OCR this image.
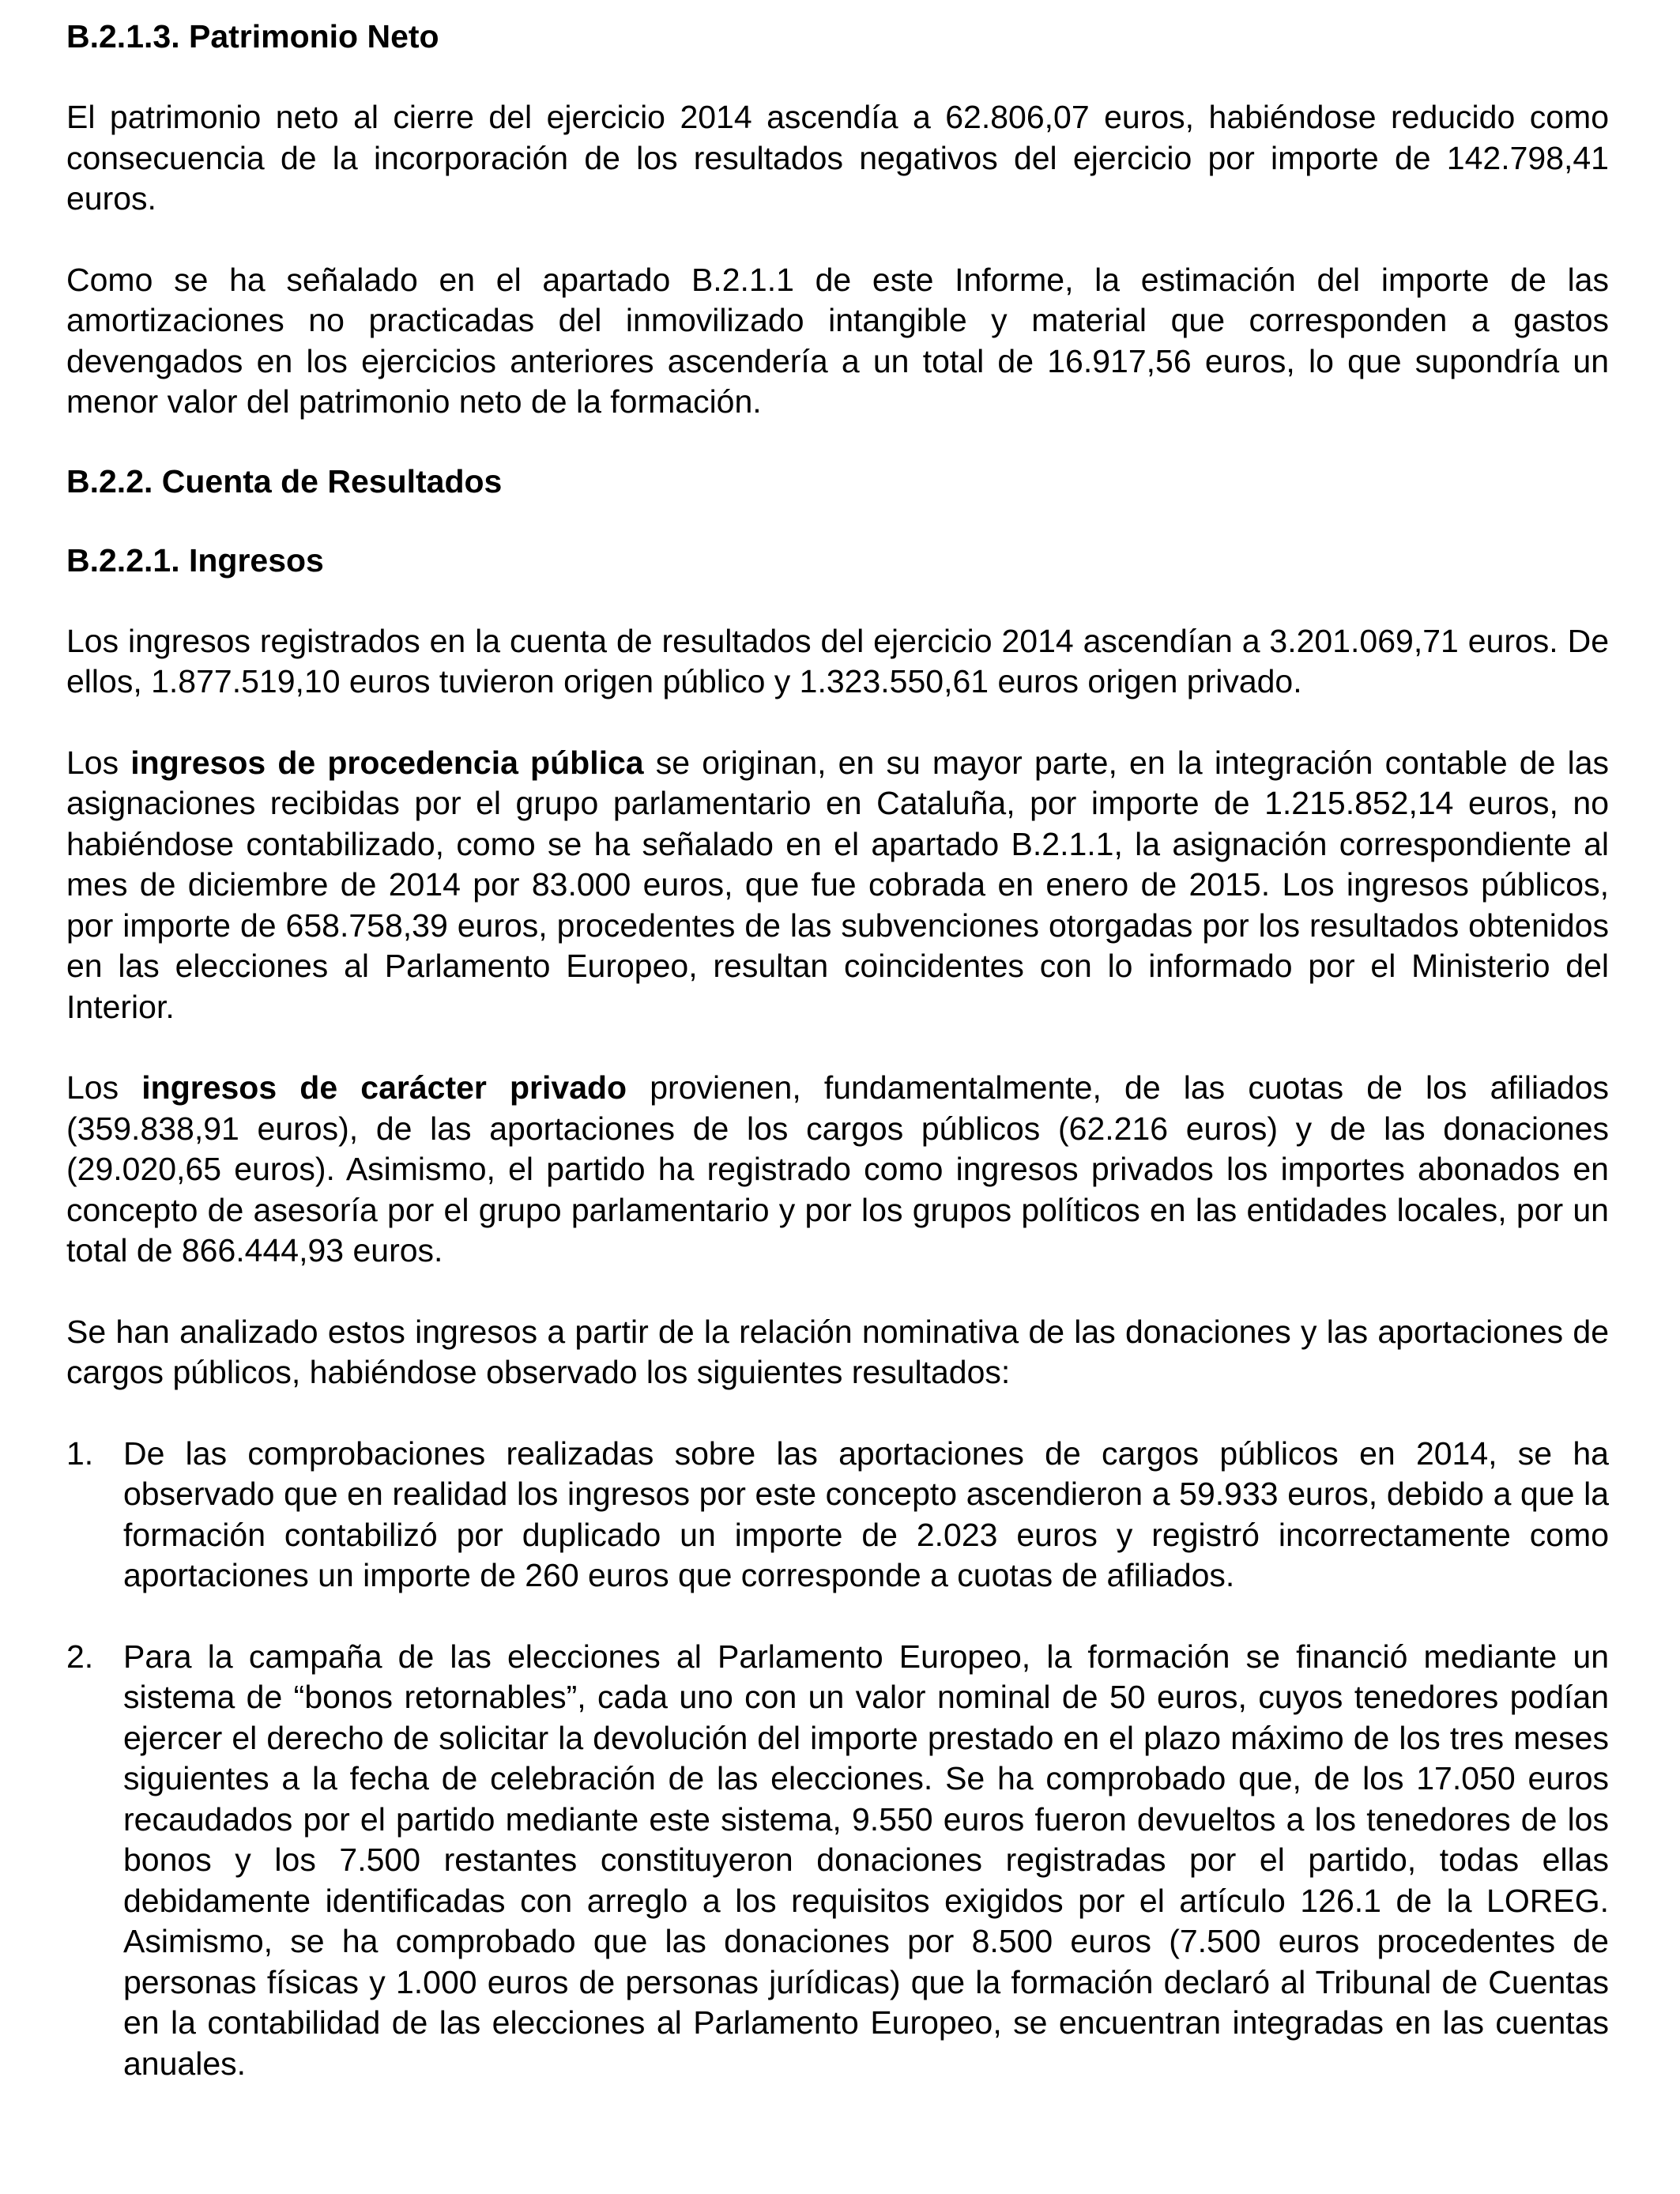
B.2.1.3. Patrimonio Neto

El patrimonio neto al cierre del ejercicio 2014 ascendía a 62.806,07 euros, habiéndose reducido como consecuencia de la incorporación de los resultados negativos del ejercicio por importe de 142.798,41 euros.

Como se ha señalado en el apartado B.2.1.1 de este Informe, la estimación del importe de las amortizaciones no practicadas del inmovilizado intangible y material que corresponden a gastos devengados en los ejercicios anteriores ascendería a un total de 16.917,56 euros, lo que supondría un menor valor del patrimonio neto de la formación.

B.2.2. Cuenta de Resultados

B.2.2.1. Ingresos

Los ingresos registrados en la cuenta de resultados del ejercicio 2014 ascendían a 3.201.069,71 euros. De ellos, 1.877.519,10 euros tuvieron origen público y 1.323.550,61 euros origen privado.

Los ingresos de procedencia pública se originan, en su mayor parte, en la integración contable de las asignaciones recibidas por el grupo parlamentario en Cataluña, por importe de 1.215.852,14 euros, no habiéndose contabilizado, como se ha señalado en el apartado B.2.1.1, la asignación correspondiente al mes de diciembre de 2014 por 83.000 euros, que fue cobrada en enero de 2015. Los ingresos públicos, por importe de 658.758,39 euros, procedentes de las subvenciones otorgadas por los resultados obtenidos en las elecciones al Parlamento Europeo, resultan coincidentes con lo informado por el Ministerio del Interior.

Los ingresos de carácter privado provienen, fundamentalmente, de las cuotas de los afiliados (359.838,91 euros), de las aportaciones de los cargos públicos (62.216 euros) y de las donaciones (29.020,65 euros). Asimismo, el partido ha registrado como ingresos privados los importes abonados en concepto de asesoría por el grupo parlamentario y por los grupos políticos en las entidades locales, por un total de 866.444,93 euros.

Se han analizado estos ingresos a partir de la relación nominativa de las donaciones y las aportaciones de cargos públicos, habiéndose observado los siguientes resultados:

1. De las comprobaciones realizadas sobre las aportaciones de cargos públicos en 2014, se ha observado que en realidad los ingresos por este concepto ascendieron a 59.933 euros, debido a que la formación contabilizó por duplicado un importe de 2.023 euros y registró incorrectamente como aportaciones un importe de 260 euros que corresponde a cuotas de afiliados.

2. Para la campaña de las elecciones al Parlamento Europeo, la formación se financió mediante un sistema de “bonos retornables”, cada uno con un valor nominal de 50 euros, cuyos tenedores podían ejercer el derecho de solicitar la devolución del importe prestado en el plazo máximo de los tres meses siguientes a la fecha de celebración de las elecciones. Se ha comprobado que, de los 17.050 euros recaudados por el partido mediante este sistema, 9.550 euros fueron devueltos a los tenedores de los bonos y los 7.500 restantes constituyeron donaciones registradas por el partido, todas ellas debidamente identificadas con arreglo a los requisitos exigidos por el artículo 126.1 de la LOREG. Asimismo, se ha comprobado que las donaciones por 8.500 euros (7.500 euros procedentes de personas físicas y 1.000 euros de personas jurídicas) que la formación declaró al Tribunal de Cuentas en la contabilidad de las elecciones al Parlamento Europeo, se encuentran integradas en las cuentas anuales.
